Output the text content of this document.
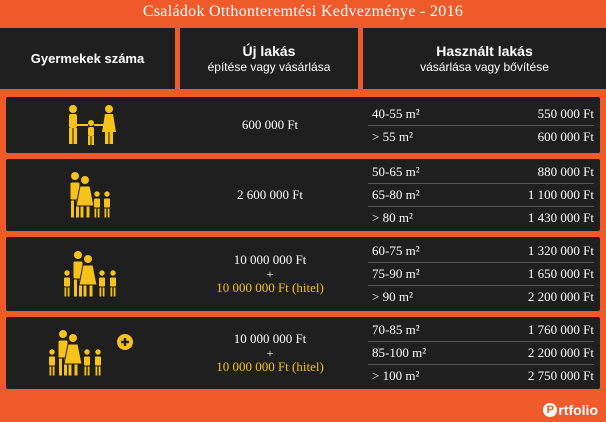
Családok Otthonteremtési Kedvezménye - 2016
Gyermekek száma	Új lakás
építése vagy vásárlása
Használt lakás
vásárlása vagy bővítése
600 000 Ft
40-55 m²	550 000 Ft
> 55 m²	600 000 Ft
2 600 000 Ft
50-65 m²	880 000 Ft
65-80 m²	1 100 000 Ft
> 80 m²	1 430 000 Ft
10 000 000 Ft
+
10 000 000 Ft (hitel)
60-75 m²	1 320 000 Ft
75-90 m²	1 650 000 Ft
> 90 m²	2 200 000 Ft
10 000 000 Ft
+
10 000 000 Ft (hitel)
70-85 m²	1 760 000 Ft
85-100 m²	2 200 000 Ft
> 100 m²	2 750 000 Ft
P rtfolio
